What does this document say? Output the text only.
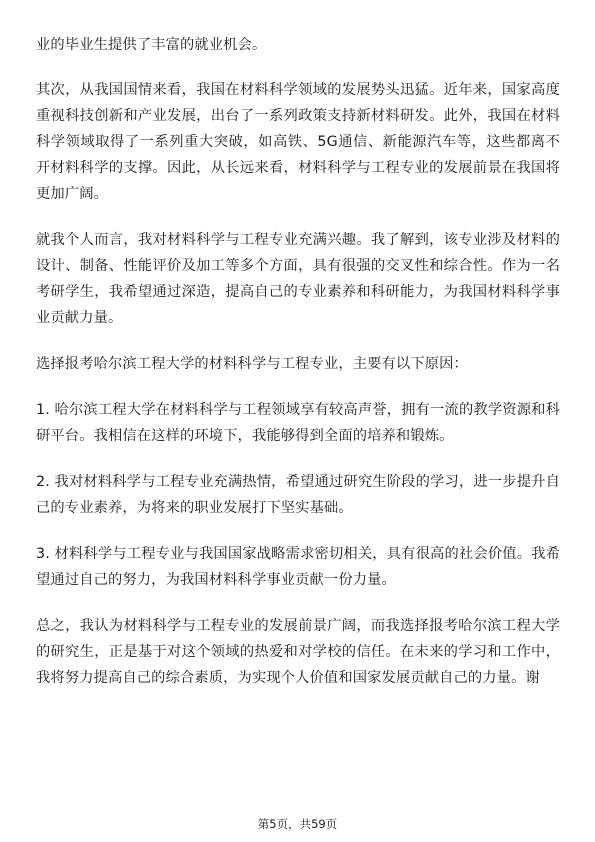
业的毕业生提供了丰富的就业机会。

其次，从我国国情来看，我国在材料科学领域的发展势头迅猛。近年来，国家高度重视科技创新和产业发展，出台了一系列政策支持新材料研发。此外，我国在材料科学领域取得了一系列重大突破，如高铁、5G通信、新能源汽车等，这些都离不开材料科学的支撑。因此，从长远来看，材料科学与工程专业的发展前景在我国将更加广阔。

就我个人而言，我对材料科学与工程专业充满兴趣。我了解到，该专业涉及材料的设计、制备、性能评价及加工等多个方面，具有很强的交叉性和综合性。作为一名考研学生，我希望通过深造，提高自己的专业素养和科研能力，为我国材料科学事业贡献力量。

选择报考哈尔滨工程大学的材料科学与工程专业，主要有以下原因：

1. 哈尔滨工程大学在材料科学与工程领域享有较高声誉，拥有一流的教学资源和科研平台。我相信在这样的环境下，我能够得到全面的培养和锻炼。

2. 我对材料科学与工程专业充满热情，希望通过研究生阶段的学习，进一步提升自己的专业素养，为将来的职业发展打下坚实基础。

3. 材料科学与工程专业与我国国家战略需求密切相关，具有很高的社会价值。我希望通过自己的努力，为我国材料科学事业贡献一份力量。

总之，我认为材料科学与工程专业的发展前景广阔，而我选择报考哈尔滨工程大学的研究生，正是基于对这个领域的热爱和对学校的信任。在未来的学习和工作中，我将努力提高自己的综合素质，为实现个人价值和国家发展贡献自己的力量。谢

第5页，共59页
